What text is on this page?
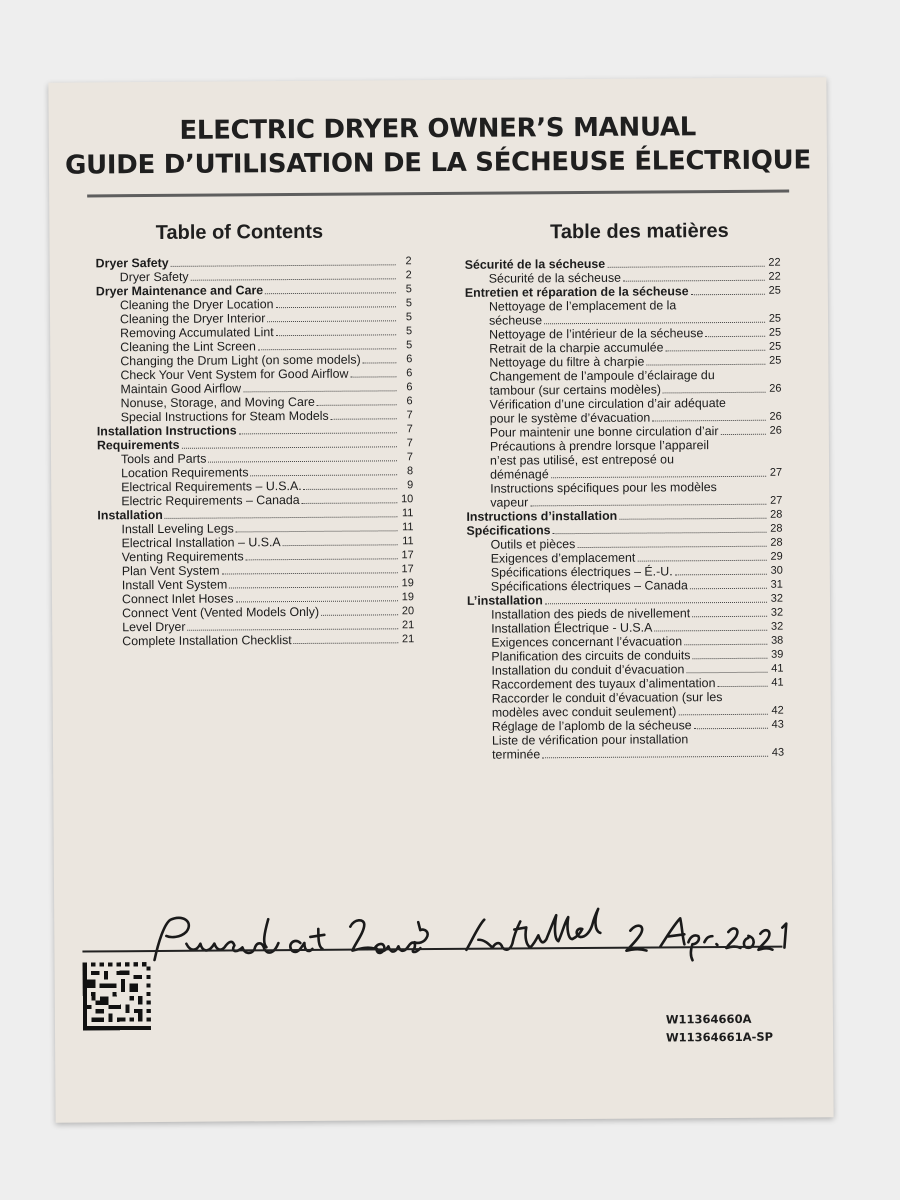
ELECTRIC DRYER OWNER’S MANUAL
GUIDE D’UTILISATION DE LA SÉCHEUSE ÉLECTRIQUE
Table of Contents	Table des matières
Dryer Safety	2
Dryer Safety	2
Dryer Maintenance and Care	5
Cleaning the Dryer Location	5
Cleaning the Dryer Interior	5
Removing Accumulated Lint	5
Cleaning the Lint Screen	5
Changing the Drum Light (on some models)	6
Check Your Vent System for Good Airflow	6
Maintain Good Airflow	6
Nonuse, Storage, and Moving Care	6
Special Instructions for Steam Models	7
Installation Instructions	7
Requirements	7
Tools and Parts	7
Location Requirements	8
Electrical Requirements – U.S.A.	9
Electric Requirements – Canada	10
Installation	11
Install Leveling Legs	11
Electrical Installation – U.S.A	11
Venting Requirements	17
Plan Vent System	17
Install Vent System	19
Connect Inlet Hoses	19
Connect Vent (Vented Models Only)	20
Level Dryer	21
Complete Installation Checklist	21
Sécurité de la sécheuse	22
Sécurité de la sécheuse	22
Entretien et réparation de la sécheuse	25
Nettoyage de l’emplacement de la
sécheuse	25
Nettoyage de l’intérieur de la sécheuse	25
Retrait de la charpie accumulée	25
Nettoyage du filtre à charpie	25
Changement de l’ampoule d’éclairage du
tambour (sur certains modèles)	26
Vérification d’une circulation d’air adéquate
pour le système d’évacuation	26
Pour maintenir une bonne circulation d’air	26
Précautions à prendre lorsque l’appareil
n’est pas utilisé, est entreposé ou
déménagé	27
Instructions spécifiques pour les modèles
vapeur	27
Instructions d’installation	28
Spécifications	28
Outils et pièces	28
Exigences d’emplacement	29
Spécifications électriques – É.-U.	30
Spécifications électriques – Canada	31
L’installation	32
Installation des pieds de nivellement	32
Installation Électrique - U.S.A	32
Exigences concernant l’évacuation	38
Planification des circuits de conduits	39
Installation du conduit d’évacuation	41
Raccordement des tuyaux d’alimentation	41
Raccorder le conduit d’évacuation (sur les
modèles avec conduit seulement)	42
Réglage de l’aplomb de la sécheuse	43
Liste de vérification pour installation
terminée	43
W11364660A
W11364661A-SP
